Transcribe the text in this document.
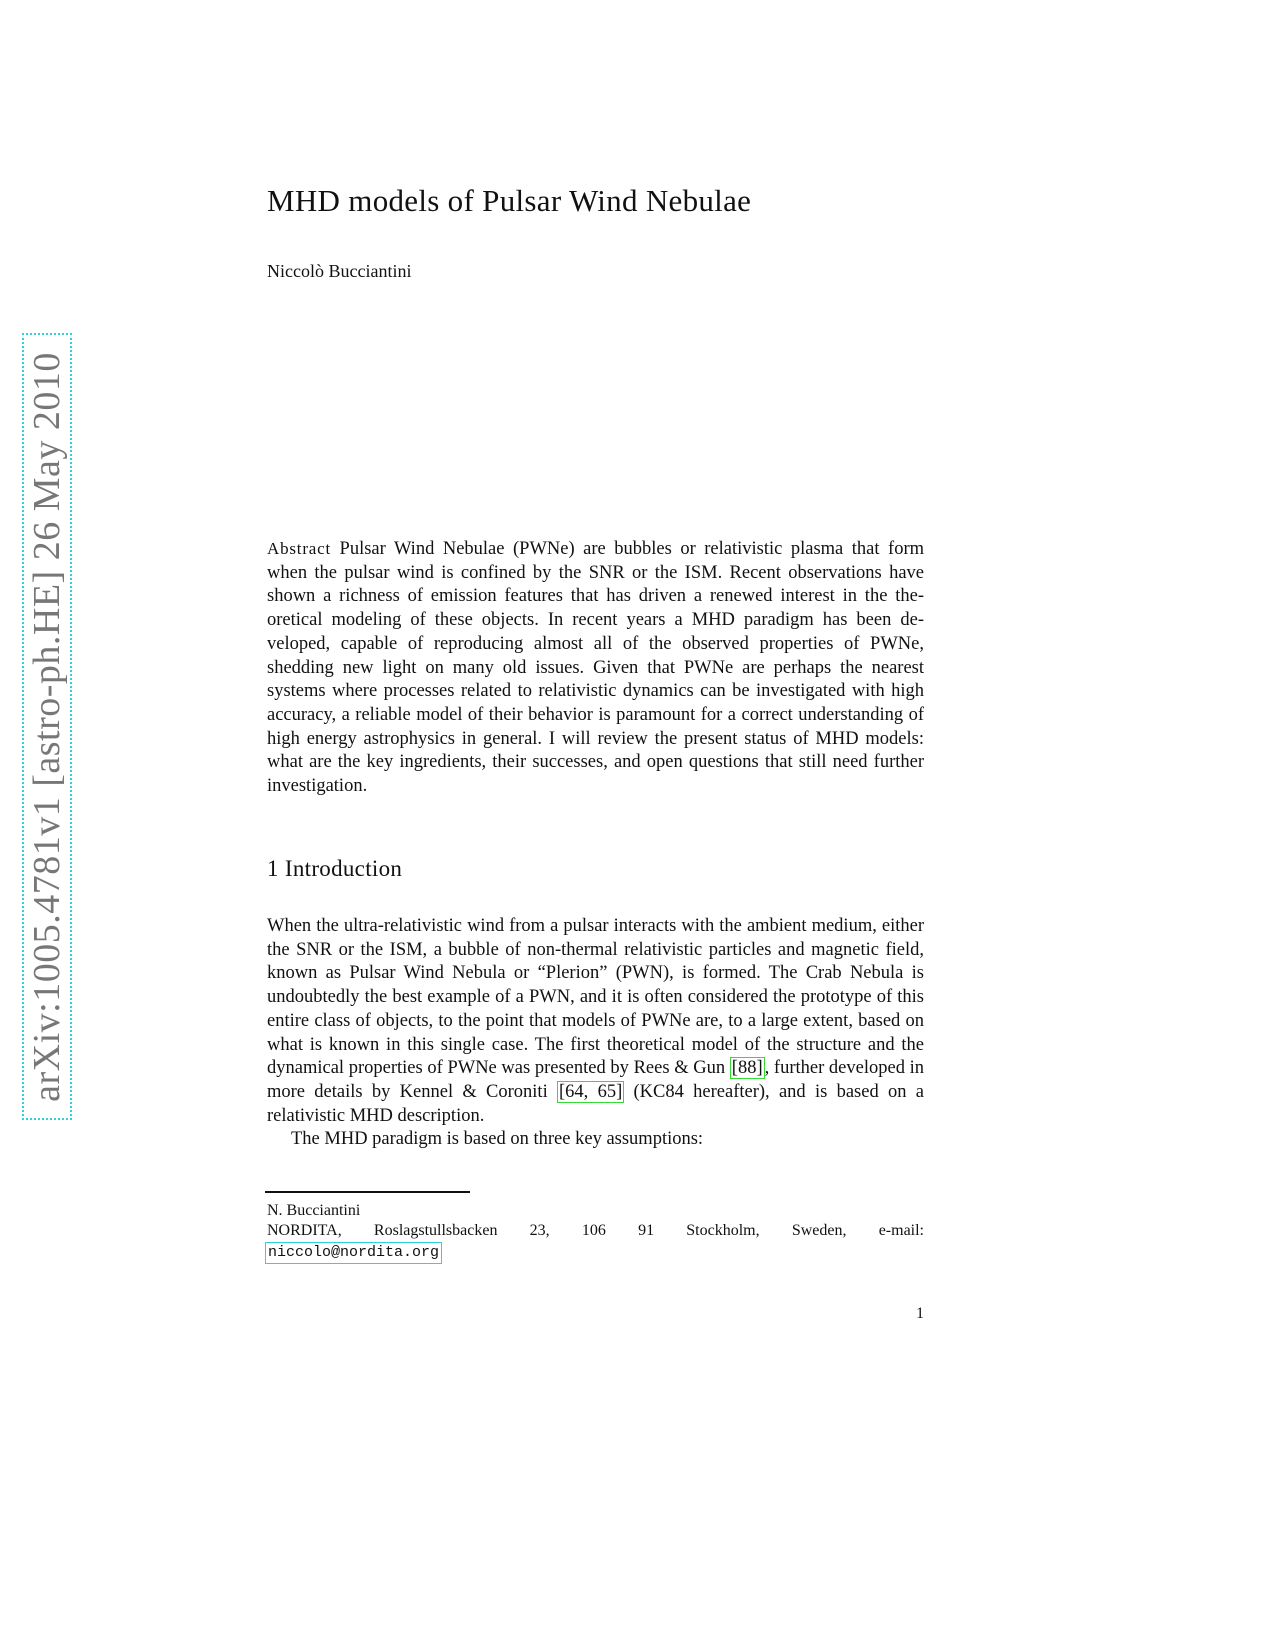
arXiv:1005.4781v1 [astro-ph.HE] 26 May 2010
MHD models of Pulsar Wind Nebulae
Niccolò Bucciantini
Abstract Pulsar Wind Nebulae (PWNe) are bubbles or relativistic plasma that form when the pulsar wind is confined by the SNR or the ISM. Recent observations have shown a richness of emission features that has driven a renewed interest in the theoretical modeling of these objects. In recent years a MHD paradigm has been developed, capable of reproducing almost all of the observed properties of PWNe, shedding new light on many old issues. Given that PWNe are perhaps the nearest systems where processes related to relativistic dynamics can be investigated with high accuracy, a reliable model of their behavior is paramount for a correct understanding of high energy astrophysics in general. I will review the present status of MHD models: what are the key ingredients, their successes, and open questions that still need further investigation.
1 Introduction

When the ultra-relativistic wind from a pulsar interacts with the ambient medium, either the SNR or the ISM, a bubble of non-thermal relativistic particles and magnetic field, known as Pulsar Wind Nebula or “Plerion” (PWN), is formed. The Crab Nebula is undoubtedly the best example of a PWN, and it is often considered the prototype of this entire class of objects, to the point that models of PWNe are, to a large extent, based on what is known in this single case. The first theoretical model of the structure and the dynamical properties of PWNe was presented by Rees & Gun [88] , further developed in more details by Kennel & Coroniti [64, 65] (KC84 hereafter), and is based on a relativistic MHD description.

The MHD paradigm is based on three key assumptions:

N. Bucciantini
NORDITA, Roslagstullsbacken 23, 106 91 Stockholm, Sweden, e-mail:
niccolo@nordita.org
1
